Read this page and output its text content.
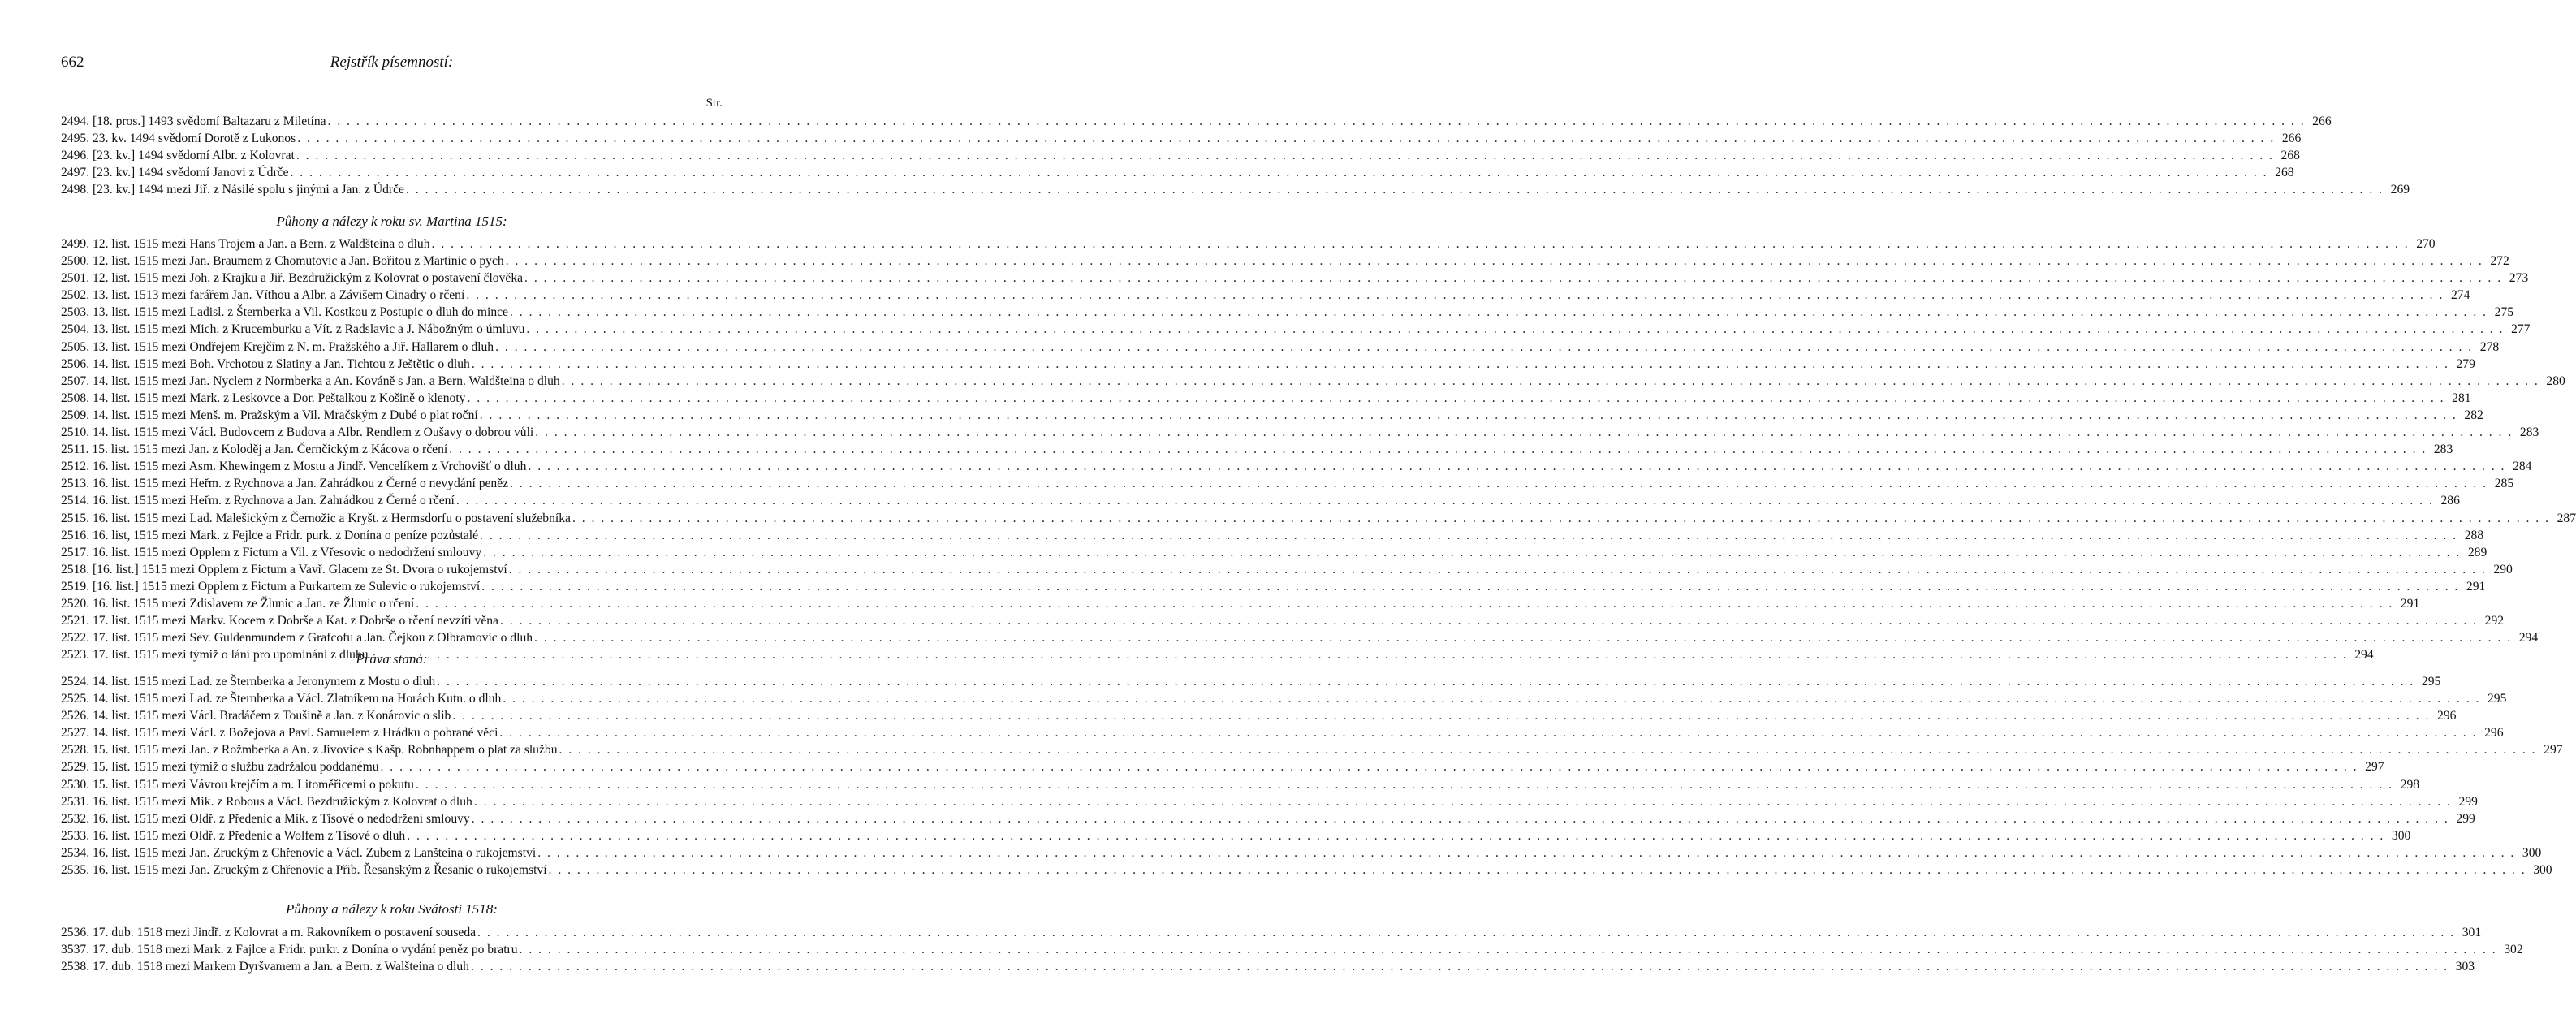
662	Rejstřík písemností:
Str.
2494. [18. pros.] 1493 svědomí Baltazaru z Miletína . . .	266
2495. 23. kv. 1494 svědomí Dorotě z Lukonos . . .	266
2496. [23. kv.] 1494 svědomí Albr. z Kolovrat . . .	268
2497. [23. kv.] 1494 svědomí Janovi z Údrče . . .	268
2498. [23. kv.] 1494 mezi Jiř. z Násilé spolu s jinými a Jan. z Údrče . . .	269
Půhony a nálezy k roku sv. Martina 1515:
2499. 12. list. 1515 mezi Hans Trojem a Jan. a Bern. z Waldšteina o dluh . . .	270
2500. 12. list. 1515 mezi Jan. Braumem z Chomutovic a Jan. Bořitou z Martinic o pych . . .	272
2501. 12. list. 1515 mezi Joh. z Krajku a Jiř. Bezdružickým z Kolovrat o postavení člověka . . .	273
2502. 13. list. 1513 mezi farářem Jan. Víthou a Albr. a Závišem Cinadry o rčení . . .	274
2503. 13. list. 1515 mezi Ladisl. z Šternberka a Vil. Kostkou z Postupic o dluh do mince . . .	275
2504. 13. list. 1515 mezi Mich. z Krucemburku a Vít. z Radslavic a J. Nábožným o úmluvu . . .	277
2505. 13. list. 1515 mezi Ondřejem Krejčím z N. m. Pražského a Jiř. Hallarem o dluh . . .	278
2506. 14. list. 1515 mezi Boh. Vrchotou z Slatiny a Jan. Tichtou z Ještětic o dluh . . .	279
2507. 14. list. 1515 mezi Jan. Nyclem z Normberka a An. Kováně s Jan. a Bern. Waldšteina o dluh . . .	280
2508. 14. list. 1515 mezi Mark. z Leskovce a Dor. Peštalkou z Košině o klenoty . . .	281
2509. 14. list. 1515 mezi Menš. m. Pražským a Vil. Mračským z Dubé o plat roční . . .	282
2510. 14. list. 1515 mezi Václ. Budovcem z Budova a Albr. Rendlem z Oušavy o dobrou vůli . . .	283
2511. 15. list. 1515 mezi Jan. z Koloděj a Jan. Černčickým z Kácova o rčení . . .	283
2512. 16. list. 1515 mezi Asm. Khewingem z Mostu a Jindř. Vencelíkem z Vrchovišť o dluh . . .	284
2513. 16. list. 1515 mezi Heřm. z Rychnova a Jan. Zahrádkou z Černé o nevydání peněz . . .	285
2514. 16. list. 1515 mezi Heřm. z Rychnova a Jan. Zahrádkou z Černé o rčení . . .	286
2515. 16. list. 1515 mezi Lad. Malešickým z Černožic a Kryšt. z Hermsdorfu o postavení služebníka . . .	287
2516. 16. list, 1515 mezi Mark. z Fejlce a Fridr. purk. z Donína o peníze pozůstalé . . .	288
2517. 16. list. 1515 mezi Opplem z Fictum a Vil. z Vřesovic o nedodržení smlouvy . . .	289
2518. [16. list.] 1515 mezi Opplem z Fictum a Vavř. Glacem ze St. Dvora o rukojemství . . .	290
2519. [16. list.] 1515 mezi Opplem z Fictum a Purkartem ze Sulevic o rukojemství . . .	291
2520. 16. list. 1515 mezi Zdislavem ze Žlunic a Jan. ze Žlunic o rčení . . .	291
2521. 17. list. 1515 mezi Markv. Kocem z Dobrše a Kat. z Dobrše o rčení nevzíti věna . . .	292
2522. 17. list. 1515 mezi Sev. Guldenmundem z Grafcofu a Jan. Čejkou z Olbramovic o dluh . . .	294
2523. 17. list. 1515 mezi týmiž o lání pro upomínání z dluhu . . .	294
Práva staná:
2524. 14. list. 1515 mezi Lad. ze Šternberka a Jeronymem z Mostu o dluh . . .	295
2525. 14. list. 1515 mezi Lad. ze Šternberka a Václ. Zlatníkem na Horách Kutn. o dluh . . .	295
2526. 14. list. 1515 mezi Václ. Bradáčem z Toušině a Jan. z Konárovic o slib . . .	296
2527. 14. list. 1515 mezi Václ. z Božejova a Pavl. Samuelem z Hrádku o pobrané věci . . .	296
2528. 15. list. 1515 mezi Jan. z Rožmberka a An. z Jivovice s Kašp. Robnhappem o plat za službu . . .	297
2529. 15. list. 1515 mezi týmiž o službu zadržalou poddanému . . .	297
2530. 15. list. 1515 mezi Vávrou krejčím a m. Litoměřicemi o pokutu . . .	298
2531. 16. list. 1515 mezi Mik. z Robous a Václ. Bezdružickým z Kolovrat o dluh . . .	299
2532. 16. list. 1515 mezi Oldř. z Předenic a Mik. z Tisové o nedodržení smlouvy . . .	299
2533. 16. list. 1515 mezi Oldř. z Předenic a Wolfem z Tisové o dluh . . .	300
2534. 16. list. 1515 mezi Jan. Zruckým z Chřenovic a Václ. Zubem z Lanšteina o rukojemství . . .	300
2535. 16. list. 1515 mezi Jan. Zruckým z Chřenovic a Přib. Řesanským z Řesanic o rukojemství . . .	300
Půhony a nálezy k roku Svátosti 1518:
2536. 17. dub. 1518 mezi Jindř. z Kolovrat a m. Rakovníkem o postavení souseda . . .	301
3537. 17. dub. 1518 mezi Mark. z Fajlce a Fridr. purkr. z Donína o vydání peněz po bratru . . .	302
2538. 17. dub. 1518 mezi Markem Dyršvamem a Jan. a Bern. z Walšteina o dluh . . .	303
